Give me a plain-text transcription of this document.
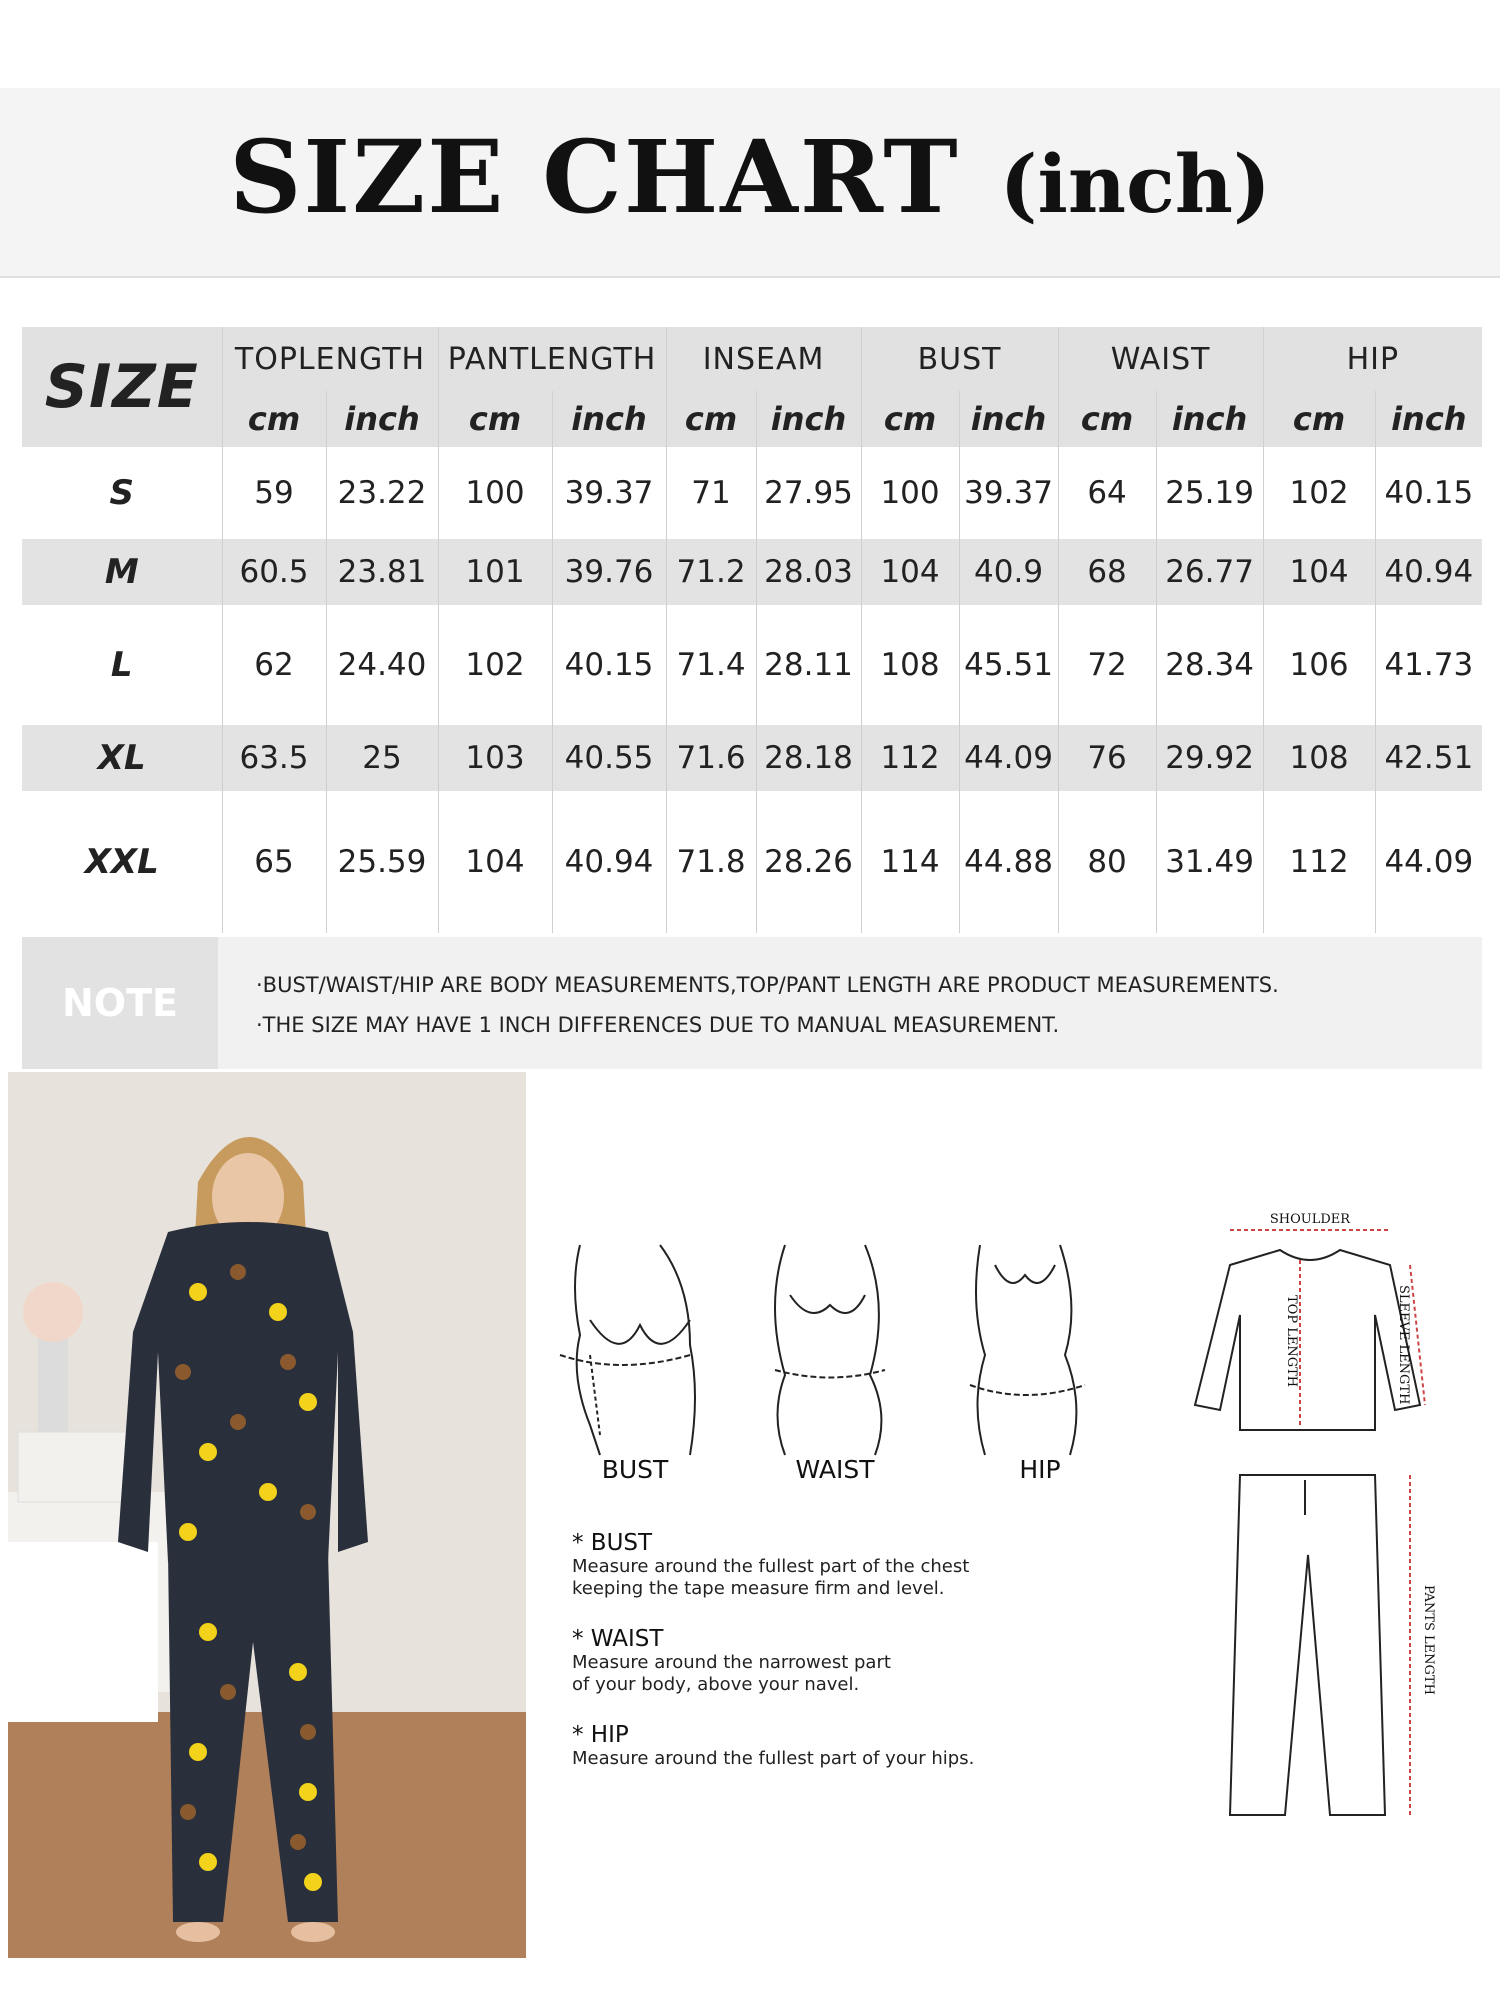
SIZE CHART (inch)
SIZE	TOPLENGTH		PANTLENGTH		INSEAM		BUST		WAIST		HIP	
	cm	inch	cm	inch	cm	inch	cm	inch	cm	inch	cm	inch
S	59	23.22	100	39.37	71	27.95	100	39.37	64	25.19	102	40.15
M	60.5	23.81	101	39.76	71.2	28.03	104	40.9	68	26.77	104	40.94
L	62	24.40	102	40.15	71.4	28.11	108	45.51	72	28.34	106	41.73
XL	63.5	25	103	40.55	71.6	28.18	112	44.09	76	29.92	108	42.51
XXL	65	25.59	104	40.94	71.8	28.26	114	44.88	80	31.49	112	44.09
NOTE	·BUST/WAIST/HIP ARE BODY MEASUREMENTS,TOP/PANT LENGTH ARE PRODUCT MEASUREMENTS.
·THE SIZE MAY HAVE 1 INCH DIFFERENCES DUE TO MANUAL MEASUREMENT.
BUST	WAIST	HIP
SHOULDER
TOP LENGTH	SLEEVE LENGTH
PANTS LENGTH
* BUST
Measure around the fullest part of the chest
keeping the tape measure firm and level.
* WAIST
Measure around the narrowest part
of your body, above your navel.
* HIP
Measure around the fullest part of your hips.
